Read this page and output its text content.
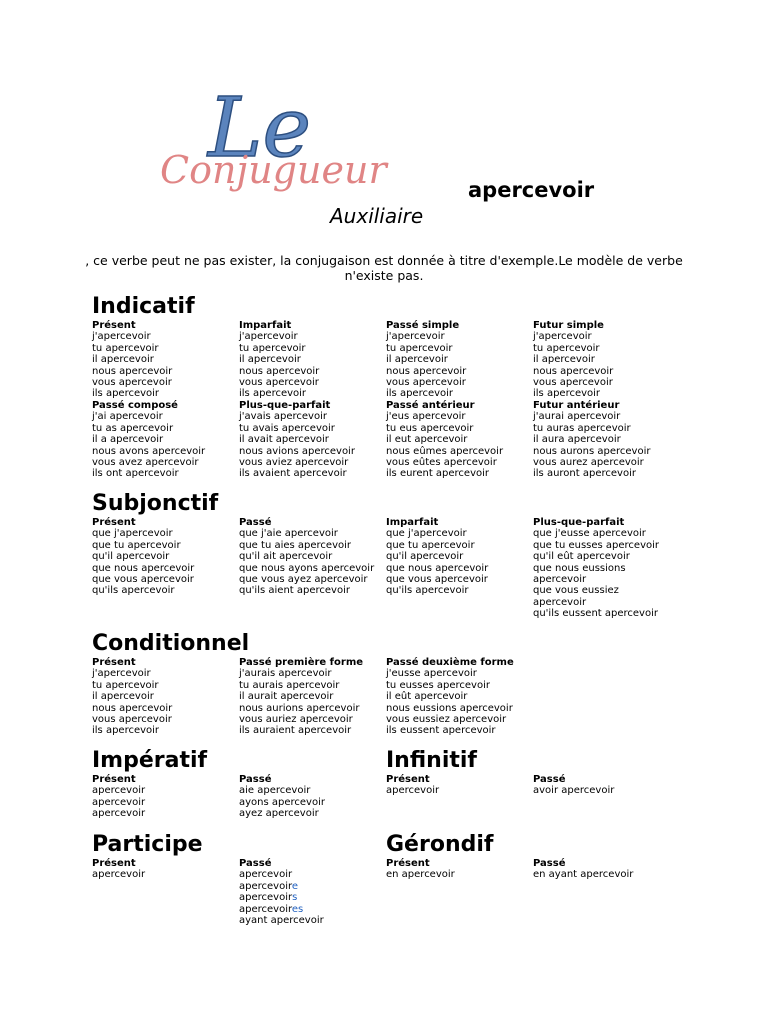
Le
Conjugueur	apercevoir
Auxiliaire
, ce verbe peut ne pas exister, la conjugaison est donnée à titre d'exemple.Le modèle de verbe n'existe pas.
Indicatif
Présent
j'apercevoir
tu apercevoir
il apercevoir
nous apercevoir
vous apercevoir
ils apercevoir
Imparfait
j'apercevoir
tu apercevoir
il apercevoir
nous apercevoir
vous apercevoir
ils apercevoir
Passé simple
j'apercevoir
tu apercevoir
il apercevoir
nous apercevoir
vous apercevoir
ils apercevoir
Futur simple
j'apercevoir
tu apercevoir
il apercevoir
nous apercevoir
vous apercevoir
ils apercevoir
Passé composé
j'ai apercevoir
tu as apercevoir
il a apercevoir
nous avons apercevoir
vous avez apercevoir
ils ont apercevoir
Plus-que-parfait
j'avais apercevoir
tu avais apercevoir
il avait apercevoir
nous avions apercevoir
vous aviez apercevoir
ils avaient apercevoir
Passé antérieur
j'eus apercevoir
tu eus apercevoir
il eut apercevoir
nous eûmes apercevoir
vous eûtes apercevoir
ils eurent apercevoir
Futur antérieur
j'aurai apercevoir
tu auras apercevoir
il aura apercevoir
nous aurons apercevoir
vous aurez apercevoir
ils auront apercevoir
Subjonctif
Présent
que j'apercevoir
que tu apercevoir
qu'il apercevoir
que nous apercevoir
que vous apercevoir
qu'ils apercevoir
Passé
que j'aie apercevoir
que tu aies apercevoir
qu'il ait apercevoir
que nous ayons apercevoir
que vous ayez apercevoir
qu'ils aient apercevoir
Imparfait
que j'apercevoir
que tu apercevoir
qu'il apercevoir
que nous apercevoir
que vous apercevoir
qu'ils apercevoir
Plus-que-parfait
que j'eusse apercevoir
que tu eusses apercevoir
qu'il eût apercevoir
que nous eussions
apercevoir
que vous eussiez
apercevoir
qu'ils eussent apercevoir
Conditionnel
Présent
j'apercevoir
tu apercevoir
il apercevoir
nous apercevoir
vous apercevoir
ils apercevoir
Passé première forme
j'aurais apercevoir
tu aurais apercevoir
il aurait apercevoir
nous aurions apercevoir
vous auriez apercevoir
ils auraient apercevoir
Passé deuxième forme
j'eusse apercevoir
tu eusses apercevoir
il eût apercevoir
nous eussions apercevoir
vous eussiez apercevoir
ils eussent apercevoir
Impératif
Présent
apercevoir
apercevoir
apercevoir
Passé
aie apercevoir
ayons apercevoir
ayez apercevoir
Infinitif
Présent
apercevoir
Passé
avoir apercevoir
Participe
Présent
apercevoir
Passé
apercevoir
apercevoire
apercevoirs
apercevoires
ayant apercevoir
Gérondif
Présent
en apercevoir
Passé
en ayant apercevoir
